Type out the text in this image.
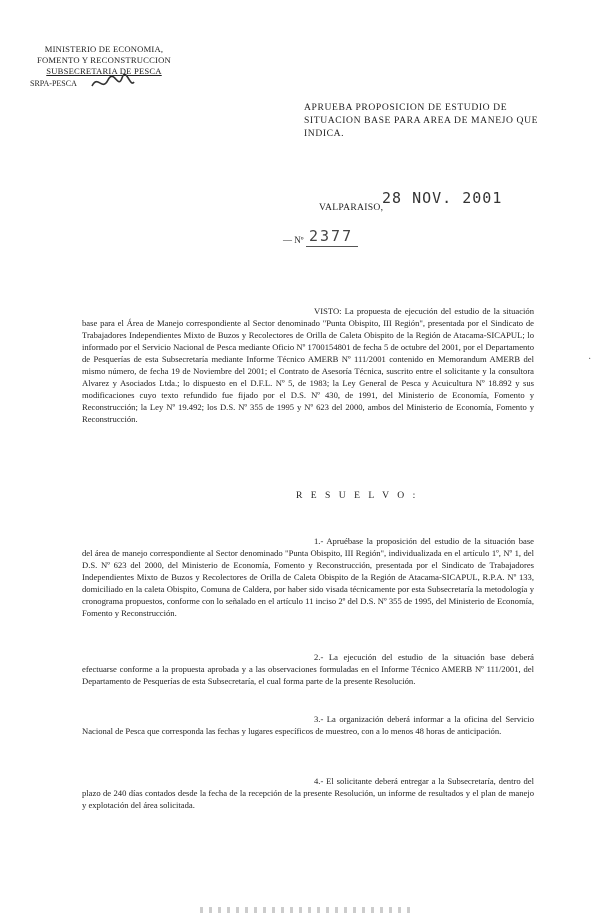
MINISTERIO DE ECONOMIA,
FOMENTO Y RECONSTRUCCION
SUBSECRETARIA DE PESCA
SRPA-PESCA
APRUEBA PROPOSICION DE ESTUDIO DE SITUACION BASE PARA AREA DE MANEJO QUE INDICA.
VALPARAISO,
28 NOV. 2001
— Nº 2377
VISTO: La propuesta de ejecución del estudio de la situación base para el Área de Manejo correspondiente al Sector denominado "Punta Obispito, III Región", presentada por el Sindicato de Trabajadores Independientes Mixto de Buzos y Recolectores de Orilla de Caleta Obispito de la Región de Atacama-SICAPUL; lo informado por el Servicio Nacional de Pesca mediante Oficio Nº 1700154801 de fecha 5 de octubre del 2001, por el Departamento de Pesquerías de esta Subsecretaría mediante Informe Técnico AMERB Nº 111/2001 contenido en Memorandum AMERB del mismo número, de fecha 19 de Noviembre del 2001; el Contrato de Asesoría Técnica, suscrito entre el solicitante y la consultora Alvarez y Asociados Ltda.; lo dispuesto en el D.F.L. Nº 5, de 1983; la Ley General de Pesca y Acuicultura Nº 18.892 y sus modificaciones cuyo texto refundido fue fijado por el D.S. Nº 430, de 1991, del Ministerio de Economía, Fomento y Reconstrucción; la Ley Nº 19.492; los D.S. Nº 355 de 1995 y Nº 623 del 2000, ambos del Ministerio de Economía, Fomento y Reconstrucción.
R E S U E L V O :
1.- Apruébase la proposición del estudio de la situación base del área de manejo correspondiente al Sector denominado "Punta Obispito, III Región", individualizada en el artículo 1º, Nº 1, del D.S. Nº 623 del 2000, del Ministerio de Economía, Fomento y Reconstrucción, presentada por el Sindicato de Trabajadores Independientes Mixto de Buzos y Recolectores de Orilla de Caleta Obispito de la Región de Atacama-SICAPUL, R.P.A. Nº 133, domiciliado en la caleta Obispito, Comuna de Caldera, por haber sido visada técnicamente por esta Subsecretaría la metodología y cronograma propuestos, conforme con lo señalado en el artículo 11 inciso 2º del D.S. Nº 355 de 1995, del Ministerio de Economía, Fomento y Reconstrucción.
2.- La ejecución del estudio de la situación base deberá efectuarse conforme a la propuesta aprobada y a las observaciones formuladas en el Informe Técnico AMERB Nº 111/2001, del Departamento de Pesquerías de esta Subsecretaría, el cual forma parte de la presente Resolución.
3.- La organización deberá informar a la oficina del Servicio Nacional de Pesca que corresponda las fechas y lugares específicos de muestreo, con a lo menos 48 horas de anticipación.
4.- El solicitante deberá entregar a la Subsecretaría, dentro del plazo de 240 días contados desde la fecha de la recepción de la presente Resolución, un informe de resultados y el plan de manejo y explotación del área solicitada.
·
